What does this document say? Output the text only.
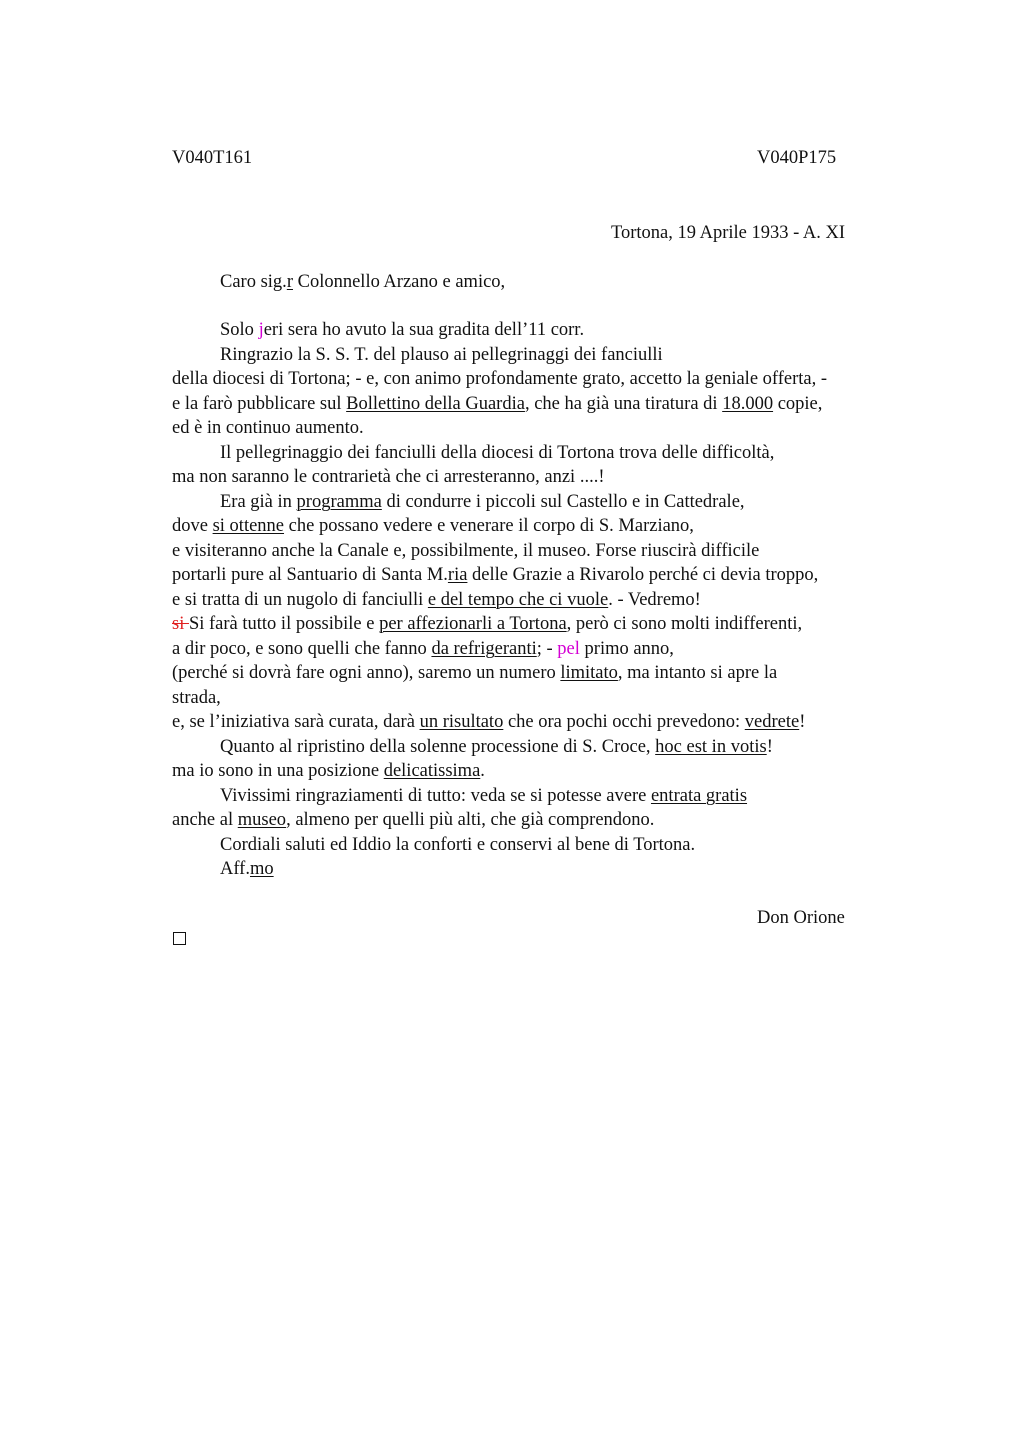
V040T161	V040P175
Tortona, 19 Aprile 1933 - A. XI
Caro sig.r Colonnello Arzano e amico,
Solo jeri sera ho avuto la sua gradita dell’11 corr.
Ringrazio la S. S. T. del plauso ai pellegrinaggi dei fanciulli
della diocesi di Tortona; - e, con animo profondamente grato, accetto la geniale offerta, -
e la farò pubblicare sul Bollettino della Guardia, che ha già una tiratura di 18.000 copie,
ed è in continuo aumento.
Il pellegrinaggio dei fanciulli della diocesi di Tortona trova delle difficoltà,
ma non saranno le contrarietà che ci arresteranno, anzi ....!
Era già in programma di condurre i piccoli sul Castello e in Cattedrale,
dove si ottenne che possano vedere e venerare il corpo di S. Marziano,
e visiteranno anche la Canale e, possibilmente, il museo. Forse riuscirà difficile
portarli pure al Santuario di Santa M.ria delle Grazie a Rivarolo perché ci devia troppo,
e si tratta di un nugolo di fanciulli e del tempo che ci vuole. - Vedremo!
si Si farà tutto il possibile e per affezionarli a Tortona, però ci sono molti indifferenti,
a dir poco, e sono quelli che fanno da refrigeranti; - pel primo anno,
(perché si dovrà fare ogni anno), saremo un numero limitato, ma intanto si apre la
strada,
e, se l’iniziativa sarà curata, darà un risultato che ora pochi occhi prevedono: vedrete!
Quanto al ripristino della solenne processione di S. Croce, hoc est in votis!
ma io sono in una posizione delicatissima.
Vivissimi ringraziamenti di tutto: veda se si potesse avere entrata gratis
anche al museo, almeno per quelli più alti, che già comprendono.
Cordiali saluti ed Iddio la conforti e conservi al bene di Tortona.
Aff.mo
Don Orione
